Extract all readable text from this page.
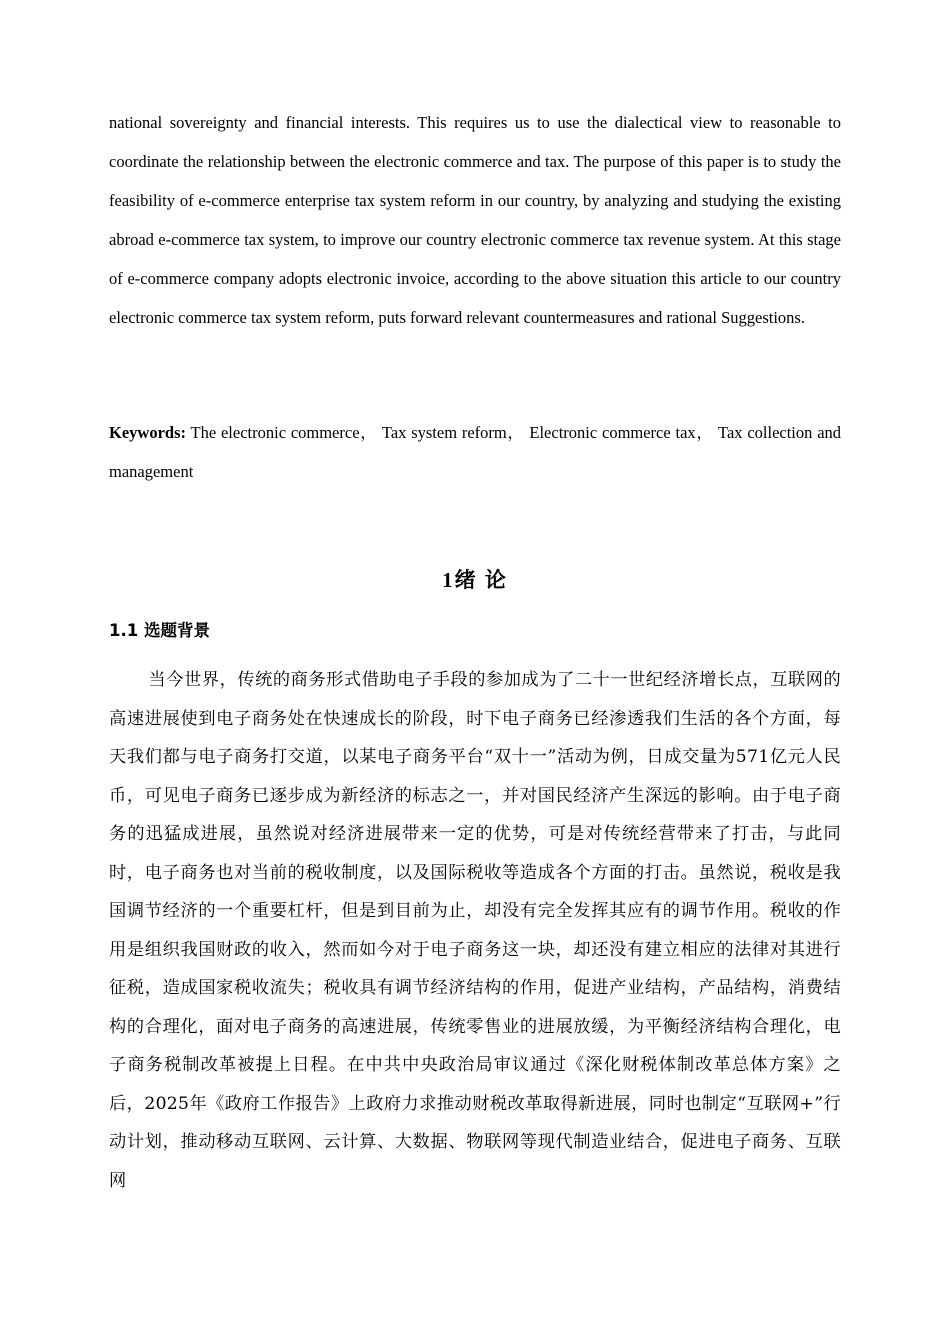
national sovereignty and financial interests. This requires us to use the dialectical view to reasonable to coordinate the relationship between the electronic commerce and tax. The purpose of this paper is to study the feasibility of e-commerce enterprise tax system reform in our country, by analyzing and studying the existing abroad e-commerce tax system, to improve our country electronic commerce tax revenue system. At this stage of e-commerce company adopts electronic invoice, according to the above situation this article to our country electronic commerce tax system reform, puts forward relevant countermeasures and rational Suggestions.

Keywords: The electronic commerce， Tax system reform， Electronic commerce tax， Tax collection and management

1绪 论
1.1 选题背景

当今世界，传统的商务形式借助电子手段的参加成为了二十一世纪经济增长点，互联网的高速进展使到电子商务处在快速成长的阶段，时下电子商务已经渗透我们生活的各个方面，每天我们都与电子商务打交道，以某电子商务平台“双十一”活动为例，日成交量为571亿元人民币，可见电子商务已逐步成为新经济的标志之一，并对国民经济产生深远的影响。由于电子商务的迅猛成进展，虽然说对经济进展带来一定的优势，可是对传统经营带来了打击，与此同时，电子商务也对当前的税收制度，以及国际税收等造成各个方面的打击。虽然说，税收是我国调节经济的一个重要杠杆，但是到目前为止，却没有完全发挥其应有的调节作用。税收的作用是组织我国财政的收入，然而如今对于电子商务这一块，却还没有建立相应的法律对其进行征税，造成国家税收流失；税收具有调节经济结构的作用，促进产业结构，产品结构，消费结构的合理化，面对电子商务的高速进展，传统零售业的进展放缓，为平衡经济结构合理化，电子商务税制改革被提上日程。在中共中央政治局审议通过《深化财税体制改革总体方案》之后，2025年《政府工作报告》上政府力求推动财税改革取得新进展，同时也制定“互联网+”行动计划，推动移动互联网、云计算、大数据、物联网等现代制造业结合，促进电子商务、互联网
